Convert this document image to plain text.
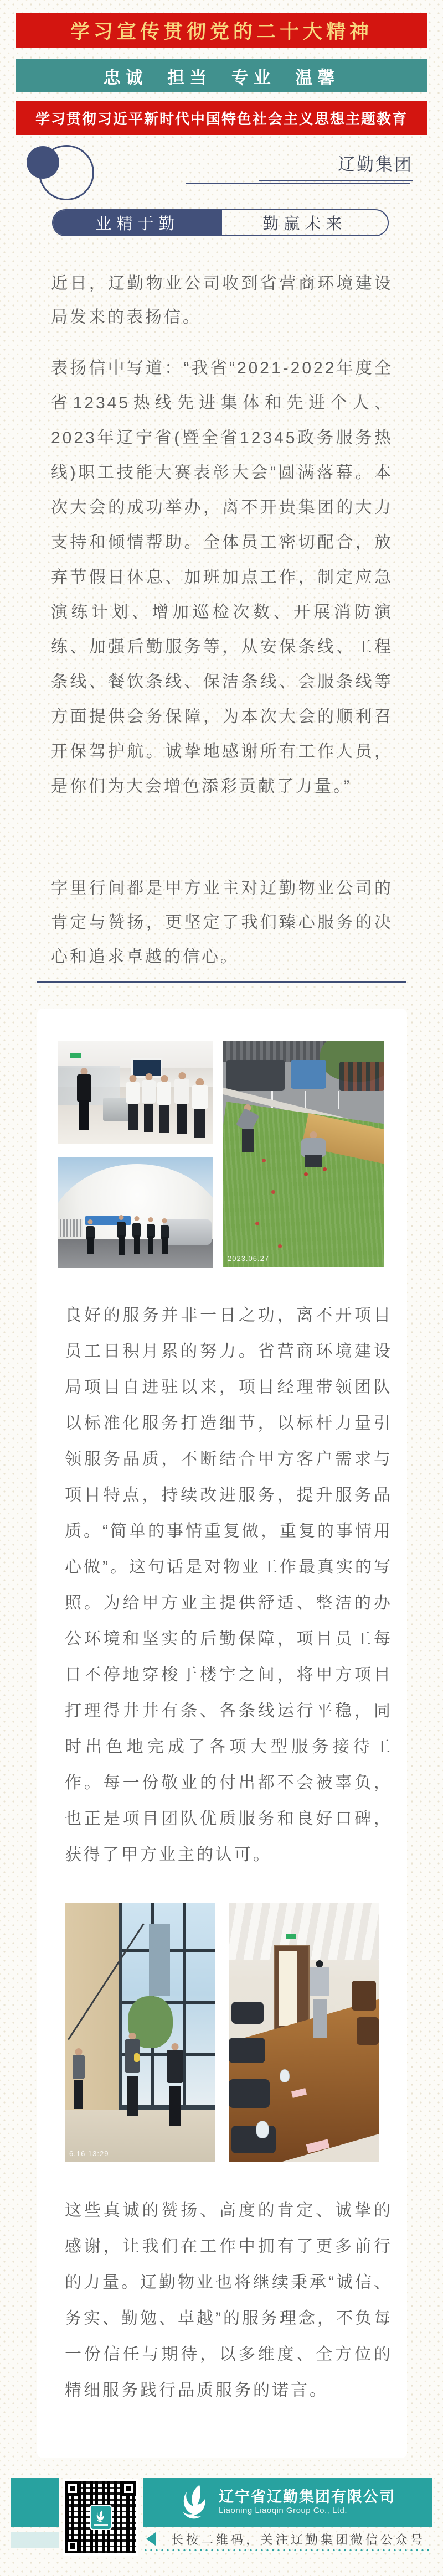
学习宣传贯彻党的二十大精神
忠诚 担当 专业 温馨
学习贯彻习近平新时代中国特色社会主义思想主题教育
辽勤集团
业精于勤	勤赢未来
近日，辽勤物业公司收到省营商环境建设局发来的表扬信。
表扬信中写道：“我省“2021-2022年度全省12345热线先进集体和先进个人、2023年辽宁省(暨全省12345政务服务热线)职工技能大赛表彰大会”圆满落幕。本次大会的成功举办，离不开贵集团的大力支持和倾情帮助。全体员工密切配合，放弃节假日休息、加班加点工作，制定应急演练计划、增加巡检次数、开展消防演练、加强后勤服务等，从安保条线、工程条线、餐饮条线、保洁条线、会服条线等方面提供会务保障，为本次大会的顺利召开保驾护航。诚挚地感谢所有工作人员，是你们为大会增色添彩贡献了力量。”
字里行间都是甲方业主对辽勤物业公司的肯定与赞扬，更坚定了我们臻心服务的决心和追求卓越的信心。
2023.06.27
良好的服务并非一日之功，离不开项目员工日积月累的努力。省营商环境建设局项目自进驻以来，项目经理带领团队以标准化服务打造细节，以标杆力量引领服务品质，不断结合甲方客户需求与项目特点，持续改进服务，提升服务品质。“简单的事情重复做，重复的事情用心做”。这句话是对物业工作最真实的写照。为给甲方业主提供舒适、整洁的办公环境和坚实的后勤保障，项目员工每日不停地穿梭于楼宇之间，将甲方项目打理得井井有条、各条线运行平稳，同时出色地完成了各项大型服务接待工作。每一份敬业的付出都不会被辜负，也正是项目团队优质服务和良好口碑，获得了甲方业主的认可。
6.16 13:29
这些真诚的赞扬、高度的肯定、诚挚的感谢，让我们在工作中拥有了更多前行的力量。辽勤物业也将继续秉承“诚信、务实、勤勉、卓越”的服务理念，不负每一份信任与期待，以多维度、全方位的精细服务践行品质服务的诺言。
辽宁省辽勤集团有限公司
Liaoning Liaoqin Group Co., Ltd.
长按二维码，关注辽勤集团微信公众号
